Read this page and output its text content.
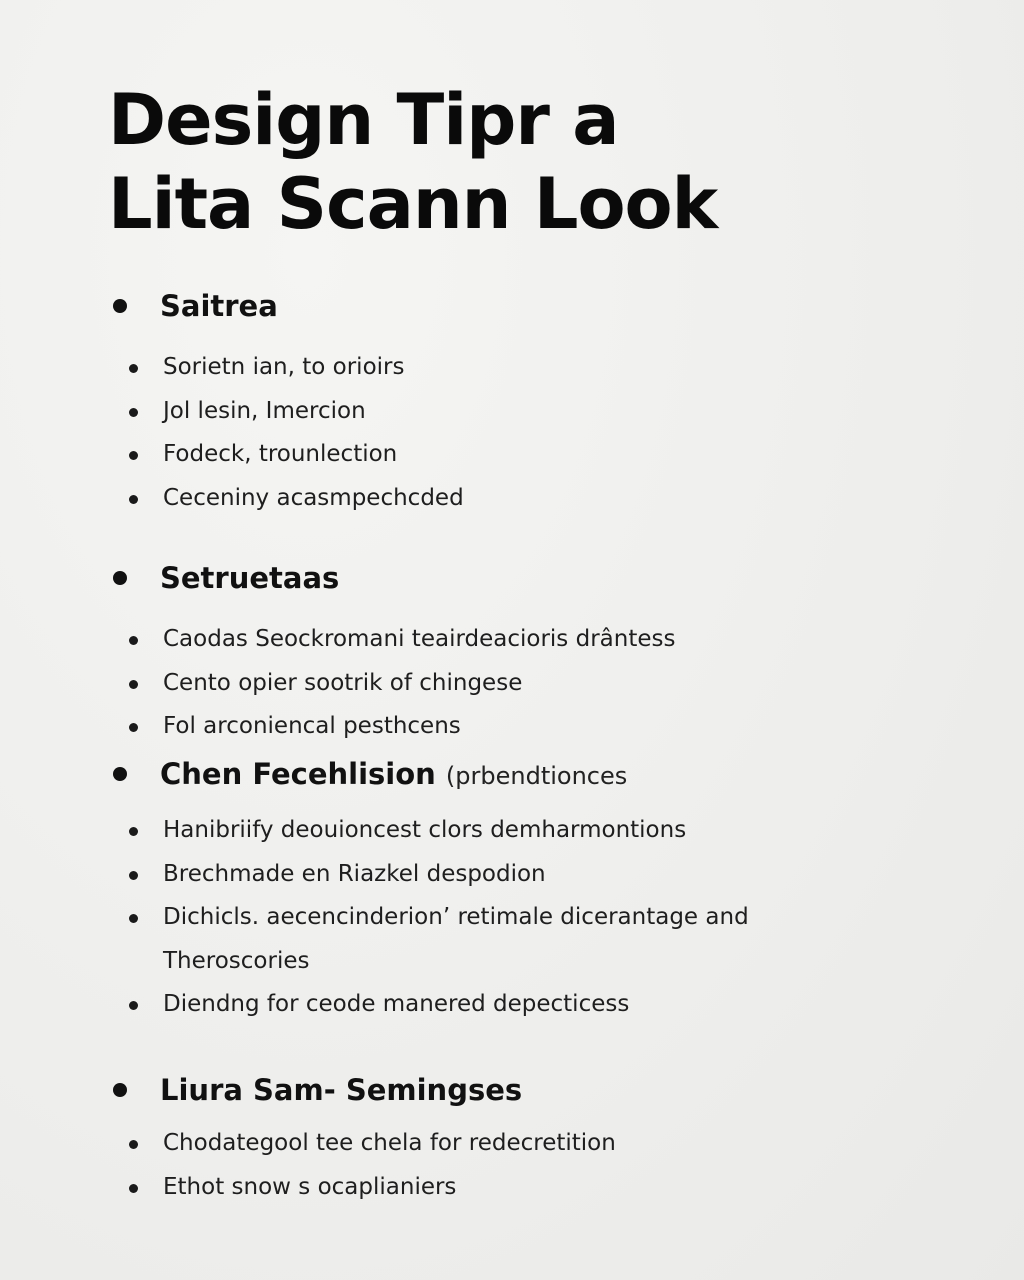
Design Tipr a
Lita Scann Look
Saitrea
Sorietn ian, to orioirs
Jol lesin, Imercion
Fodeck, trounlection
Ceceniny acasmpechcded
Setruetaas
Caodas Seockromani teairdeacioris drântess
Cento opier sootrik of chingese
Fol arconiencal pesthcens
Chen Fecehlision (prbendtionces
Hanibriify deouioncest clors demharmontions
Brechmade en Riazkel despodion
Dichicls. aecencinderion’ retimale dicerantage and
Theroscories
Diendng for ceode manered depecticess
Liura Sam- Semingses
Chodategool tee chela for redecretition
Ethot snow s ocaplianiers
